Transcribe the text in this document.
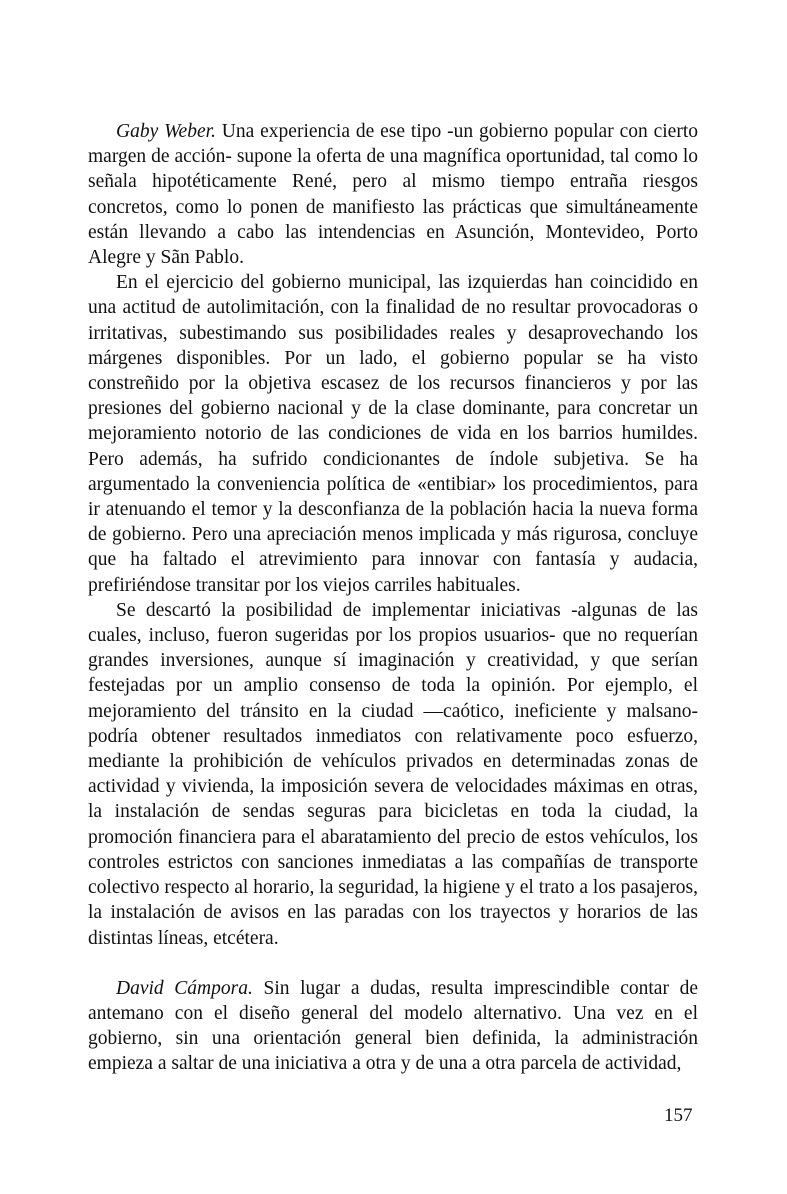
Gaby Weber. Una experiencia de ese tipo -un gobierno popular con cierto margen de acción- supone la oferta de una magnífica oportunidad, tal como lo señala hipotéticamente René, pero al mismo tiempo entraña riesgos concretos, como lo ponen de manifiesto las prácticas que simultáneamente están llevando a cabo las intendencias en Asunción, Montevideo, Porto Alegre y Sãn Pablo.

En el ejercicio del gobierno municipal, las izquierdas han coincidido en una actitud de autolimitación, con la finalidad de no resultar provocadoras o irritativas, subestimando sus posibilidades reales y desaprovechando los márgenes disponibles. Por un lado, el gobierno popular se ha visto constreñido por la objetiva escasez de los recursos financieros y por las presiones del gobierno nacional y de la clase dominante, para concretar un mejoramiento notorio de las condiciones de vida en los barrios humildes. Pero además, ha sufrido condicionantes de índole subjetiva. Se ha argumentado la conveniencia política de «entibiar» los procedimientos, para ir atenuando el temor y la desconfianza de la población hacia la nueva forma de gobierno. Pero una apreciación menos implicada y más rigurosa, concluye que ha faltado el atrevimiento para innovar con fantasía y audacia, prefiriéndose transitar por los viejos carriles habituales.

Se descartó la posibilidad de implementar iniciativas -algunas de las cuales, incluso, fueron sugeridas por los propios usuarios- que no requerían grandes inversiones, aunque sí imaginación y creatividad, y que serían festejadas por un amplio consenso de toda la opinión. Por ejemplo, el mejoramiento del tránsito en la ciudad —caótico, ineficiente y malsano- podría obtener resultados inmediatos con relativamente poco esfuerzo, mediante la prohibición de vehículos privados en determinadas zonas de actividad y vivienda, la imposición severa de velocidades máximas en otras, la instalación de sendas seguras para bicicletas en toda la ciudad, la promoción financiera para el abaratamiento del precio de estos vehículos, los controles estrictos con sanciones inmediatas a las compañías de transporte colectivo respecto al horario, la seguridad, la higiene y el trato a los pasajeros, la instalación de avisos en las paradas con los trayectos y horarios de las distintas líneas, etcétera.

David Cámpora. Sin lugar a dudas, resulta imprescindible contar de antemano con el diseño general del modelo alternativo. Una vez en el gobierno, sin una orientación general bien definida, la administración empieza a saltar de una iniciativa a otra y de una a otra parcela de actividad,

157
